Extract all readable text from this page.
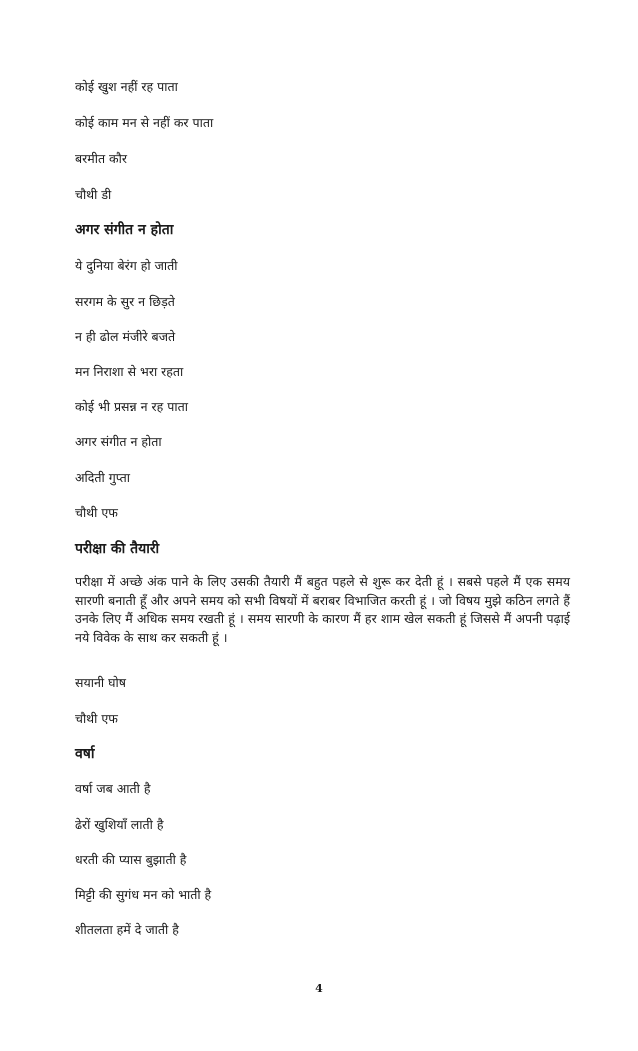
कोई खुश नहीं रह पाता
कोई काम मन से नहीं कर पाता
बरमीत कौर
चौथी डी
अगर संगीत न होता
ये दुनिया बेरंग हो जाती
सरगम के सुर न छिड़ते
न ही ढोल मंजीरे बजते
मन निराशा से भरा रहता
कोई भी प्रसन्न न रह पाता
अगर संगीत न होता
अदिती गुप्ता
चौथी एफ
परीक्षा की तैयारी
परीक्षा में अच्छे अंक पाने के लिए उसकी तैयारी मैं बहुत पहले से शुरू कर देती हूं । सबसे पहले मैं एक समय सारणी बनाती हूँ और अपने समय को सभी विषयों में बराबर विभाजित करती हूं । जो विषय मुझे कठिन लगते हैं उनके लिए मैं अधिक समय रखती हूं । समय सारणी के कारण मैं हर शाम खेल सकती हूं जिससे मैं अपनी पढ़ाई नये विवेक के साथ कर सकती हूं ।
सयानी घोष
चौथी एफ
वर्षा
वर्षा जब आती है
ढेरों खुशियाँ लाती है
धरती की प्यास बुझाती है
मिट्टी की सुगंध मन को भाती है
शीतलता हमें दे जाती है
4
